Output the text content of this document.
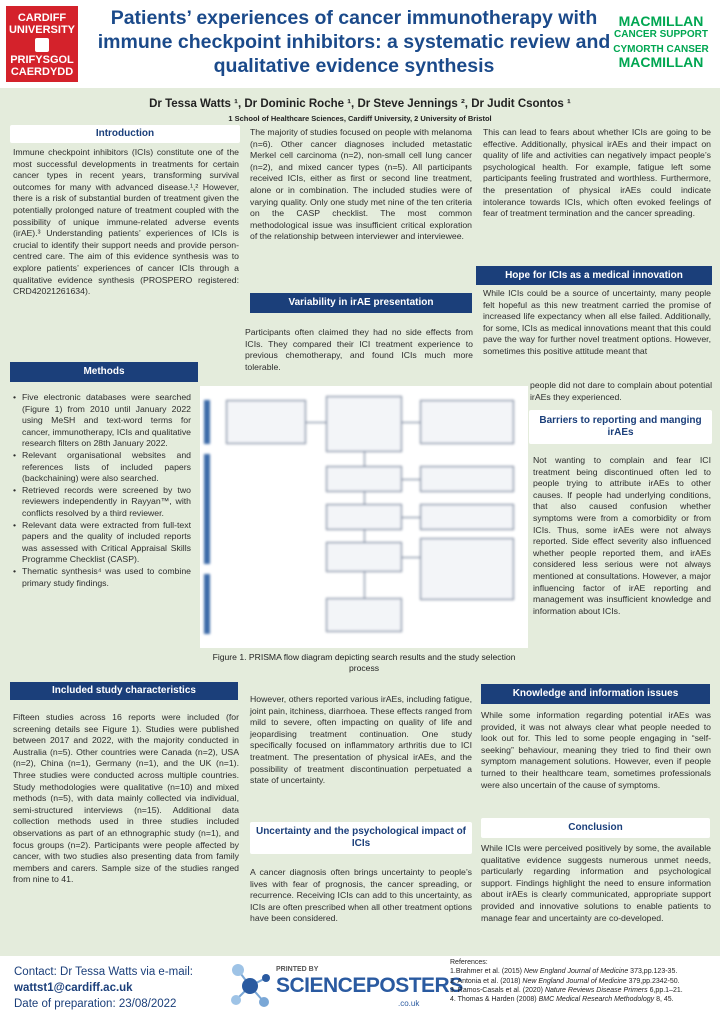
CARDIFF
UNIVERSITY
PRIFYSGOL
CAERDYDD
Patients’ experiences of cancer immunotherapy with
immune checkpoint inhibitors: a systematic review and
qualitative evidence synthesis
MACMILLAN
CANCER SUPPORT
CYMORTH CANSER
MACMILLAN
Dr Tessa Watts ¹, Dr Dominic Roche ¹, Dr Steve Jennings ², Dr Judit Csontos ¹
1 School of Healthcare Sciences, Cardiff University, 2 University of Bristol
Introduction
Immune checkpoint inhibitors (ICIs) constitute one of the most successful developments in treatments for certain cancer types in recent years, transforming survival outcomes for many with advanced disease.¹,² However, there is a risk of substantial burden of treatment given the potentially prolonged nature of treatment coupled with the possibility of unique immune-related adverse events (irAE).³ Understanding patients’ experiences of ICIs is crucial to identify their support needs and provide person-centred care. The aim of this evidence synthesis was to explore patients’ experiences of cancer ICIs through a qualitative evidence synthesis (PROSPERO registered: CRD42021261634).
Methods
• Five electronic databases were searched (Figure 1) from 2010 until January 2022 using MeSH and text-word terms for cancer, immunotherapy, ICIs and qualitative research filters on 28th January 2022.
• Relevant organisational websites and references lists of included papers (backchaining) were also searched.
• Retrieved records were screened by two reviewers independently in Rayyan™, with conflicts resolved by a third reviewer.
• Relevant data were extracted from full-text papers and the quality of included reports was assessed with Critical Appraisal Skills Programme Checklist (CASP).
• Thematic synthesis⁴ was used to combine primary study findings.
Included study characteristics
Fifteen studies across 16 reports were included (for screening details see Figure 1). Studies were published between 2017 and 2022, with the majority conducted in Australia (n=5). Other countries were Canada (n=2), USA (n=2), China (n=1), Germany (n=1), and the UK (n=1). Three studies were conducted across multiple countries. Study methodologies were qualitative (n=10) and mixed methods (n=5), with data mainly collected via individual, semi-structured interviews (n=15). Additional data collection methods used in three studies included observations as part of an ethnographic study (n=1), and focus groups (n=2). Participants were people affected by cancer, with two studies also presenting data from family members and carers. Sample size of the studies ranged from nine to 41.
The majority of studies focused on people with melanoma (n=6). Other cancer diagnoses included metastatic Merkel cell carcinoma (n=2), non-small cell lung cancer (n=2), and mixed cancer types (n=5). All participants received ICIs, either as first or second line treatment, alone or in combination. The included studies were of varying quality. Only one study met nine of the ten criteria on the CASP checklist. The most common methodological issue was insufficient critical exploration of the relationship between interviewer and interviewee.
Variability in irAE presentation
Participants often claimed they had no side effects from ICIs. They compared their ICI treatment experience to previous chemotherapy, and found ICIs much more tolerable.
Figure 1. PRISMA flow diagram depicting search results and the study selection process
However, others reported various irAEs, including fatigue, joint pain, itchiness, diarrhoea. These effects ranged from mild to severe, often impacting on quality of life and jeopardising treatment continuation. One study specifically focused on inflammatory arthritis due to ICI treatment. The presentation of physical irAEs, and the possibility of treatment discontinuation perpetuated a state of uncertainty.
Uncertainty and the psychological impact of ICIs
A cancer diagnosis often brings uncertainty to people’s lives with fear of prognosis, the cancer spreading, or recurrence. Receiving ICIs can add to this uncertainty, as ICIs are often prescribed when all other treatment options have been considered.
This can lead to fears about whether ICIs are going to be effective. Additionally, physical irAEs and their impact on quality of life and activities can negatively impact people’s psychological health. For example, fatigue left some participants feeling frustrated and worthless. Furthermore, the presentation of physical irAEs could indicate intolerance towards ICIs, which often evoked feelings of fear of treatment termination and the cancer spreading.
Hope for ICIs as a medical innovation
While ICIs could be a source of uncertainty, many people felt hopeful as this new treatment carried the promise of increased life expectancy when all else failed. Additionally, for some, ICIs as medical innovations meant that this could pave the way for further novel treatment options. However, sometimes this positive attitude meant that
people did not dare to complain about potential irAEs they experienced.
Barriers to reporting and manging irAEs
Not wanting to complain and fear ICI treatment being discontinued often led to people trying to attribute irAEs to other causes. If people had underlying conditions, that also caused confusion whether symptoms were from a comorbidity or from ICIs. Thus, some irAEs were not always reported. Side effect severity also influenced whether people reported them, and irAEs considered less serious were not always mentioned at consultations. However, a major influencing factor of irAE reporting and management was insufficient knowledge and information about ICIs.
Knowledge and information issues
While some information regarding potential irAEs was provided, it was not always clear what people needed to look out for. This led to some people engaging in “self-seeking” behaviour, meaning they tried to find their own symptom management solutions. However, even if people turned to their healthcare team, sometimes professionals were also uncertain of the cause of symptoms.
Conclusion
While ICIs were perceived positively by some, the available qualitative evidence suggests numerous unmet needs, particularly regarding information and psychological support. Findings highlight the need to ensure information about irAEs is clearly communicated, appropriate support provided and innovative solutions to enable patients to manage fear and uncertainty are co-developed.
Contact: Dr Tessa Watts via e-mail:
wattst1@cardiff.ac.uk
Date of preparation: 23/08/2022
PRINTED BY
SCIENCEPOSTERS
.co.uk
References:
1.Brahmer et al. (2015) New England Journal of Medicine 373,pp.123-35.
2. Antonia et al. (2018) New England Journal of Medicine 379,pp.2342-50.
3. Ramos-Casals et al. (2020) Nature Reviews Disease Primers 6,pp.1–21.
4. Thomas & Harden (2008) BMC Medical Research Methodology 8, 45.
